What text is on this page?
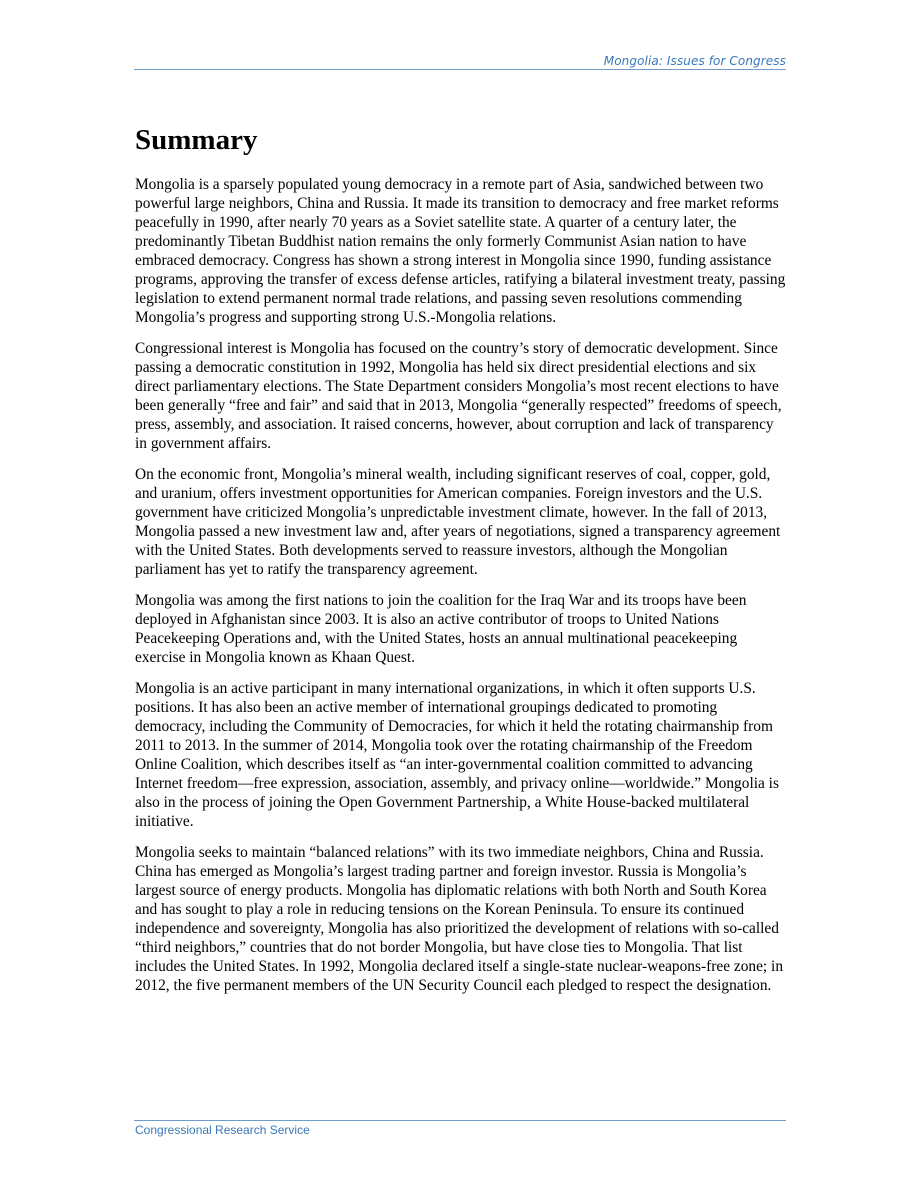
Mongolia: Issues for Congress
Summary

Mongolia is a sparsely populated young democracy in a remote part of Asia, sandwiched between two powerful large neighbors, China and Russia. It made its transition to democracy and free market reforms peacefully in 1990, after nearly 70 years as a Soviet satellite state. A quarter of a century later, the predominantly Tibetan Buddhist nation remains the only formerly Communist Asian nation to have embraced democracy. Congress has shown a strong interest in Mongolia since 1990, funding assistance programs, approving the transfer of excess defense articles, ratifying a bilateral investment treaty, passing legislation to extend permanent normal trade relations, and passing seven resolutions commending Mongolia’s progress and supporting strong U.S.-Mongolia relations.

Congressional interest is Mongolia has focused on the country’s story of democratic development. Since passing a democratic constitution in 1992, Mongolia has held six direct presidential elections and six direct parliamentary elections. The State Department considers Mongolia’s most recent elections to have been generally “free and fair” and said that in 2013, Mongolia “generally respected” freedoms of speech, press, assembly, and association. It raised concerns, however, about corruption and lack of transparency in government affairs.

On the economic front, Mongolia’s mineral wealth, including significant reserves of coal, copper, gold, and uranium, offers investment opportunities for American companies. Foreign investors and the U.S. government have criticized Mongolia’s unpredictable investment climate, however. In the fall of 2013, Mongolia passed a new investment law and, after years of negotiations, signed a transparency agreement with the United States. Both developments served to reassure investors, although the Mongolian parliament has yet to ratify the transparency agreement.

Mongolia was among the first nations to join the coalition for the Iraq War and its troops have been deployed in Afghanistan since 2003. It is also an active contributor of troops to United Nations Peacekeeping Operations and, with the United States, hosts an annual multinational peacekeeping exercise in Mongolia known as Khaan Quest.

Mongolia is an active participant in many international organizations, in which it often supports U.S. positions. It has also been an active member of international groupings dedicated to promoting democracy, including the Community of Democracies, for which it held the rotating chairmanship from 2011 to 2013. In the summer of 2014, Mongolia took over the rotating chairmanship of the Freedom Online Coalition, which describes itself as “an inter-governmental coalition committed to advancing Internet freedom—free expression, association, assembly, and privacy online—worldwide.” Mongolia is also in the process of joining the Open Government Partnership, a White House-backed multilateral initiative.

Mongolia seeks to maintain “balanced relations” with its two immediate neighbors, China and Russia. China has emerged as Mongolia’s largest trading partner and foreign investor. Russia is Mongolia’s largest source of energy products. Mongolia has diplomatic relations with both North and South Korea and has sought to play a role in reducing tensions on the Korean Peninsula. To ensure its continued independence and sovereignty, Mongolia has also prioritized the development of relations with so-called “third neighbors,” countries that do not border Mongolia, but have close ties to Mongolia. That list includes the United States. In 1992, Mongolia declared itself a single-state nuclear-weapons-free zone; in 2012, the five permanent members of the UN Security Council each pledged to respect the designation.

Congressional Research Service
